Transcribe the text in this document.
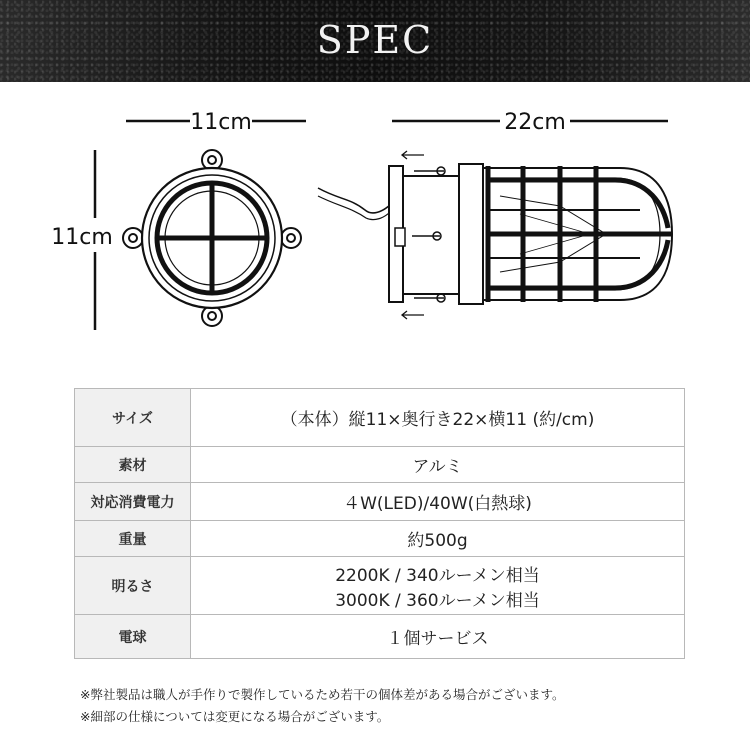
SPEC
11cm
11cm
22cm
サイズ	（本体）縦11×奥行き22×横11 (約/cm)

素材	アルミ

対応消費電力	４W(LED)/40W(白熱球)

重量	約500g

明るさ	2200K / 340ルーメン相当
3000K / 360ルーメン相当

電球	１個サービス
※弊社製品は職人が手作りで製作しているため若干の個体差がある場合がございます。
※細部の仕様については変更になる場合がございます。
